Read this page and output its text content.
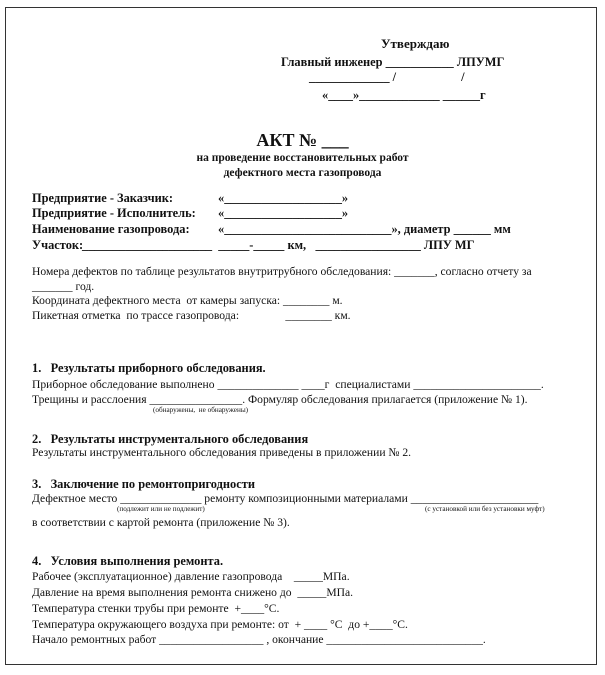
Утверждаю
Главный инженер ___________ ЛПУМГ
_____________ /                     /
«____»_____________ ______г
АКТ № ___
на проведение восстановительных работ
дефектного места газопровода
Предприятие - Заказчик:	«___________________»
Предприятие - Исполнитель: «___________________»
Наименование газопровода: «___________________________», диаметр ______ мм
Участок:
_____________________  _____-_____ км,   _________________ ЛПУ МГ
Номера дефектов по таблице результатов внутритрубного обследования: _______, согласно отчету за
_______ год.
Координата дефектного места  от камеры запуска: ________ м.
Пикетная отметка  по трассе газопровода:                ________ км.
1.   Результаты приборного обследования.
Приборное обследование выполнено ______________ ____г  специалистами ______________________.
Трещины и расслоения ________________. Формуляр обследования прилагается (приложение № 1).
(обнаружены,  не обнаружены)
2.   Результаты инструментального обследования
Результаты инструментального обследования приведены в приложении № 2.
3.   Заключение по ремонтопригодности
Дефектное место ______________ ремонту композиционными материалами ______________________
(подлежит или не подлежит)	(с установкой или без установки муфт)
в соответствии с картой ремонта (приложение № 3).
4.   Условия выполнения ремонта.
Рабочее (эксплуатационное) давление газопровода    _____МПа.
Давление на время выполнения ремонта снижено до  _____МПа.
Температура стенки трубы при ремонте  +____°С.
Температура окружающего воздуха при ремонте: от  + ____ °С  до +____°С.
Начало ремонтных работ __________________ , окончание ___________________________.
